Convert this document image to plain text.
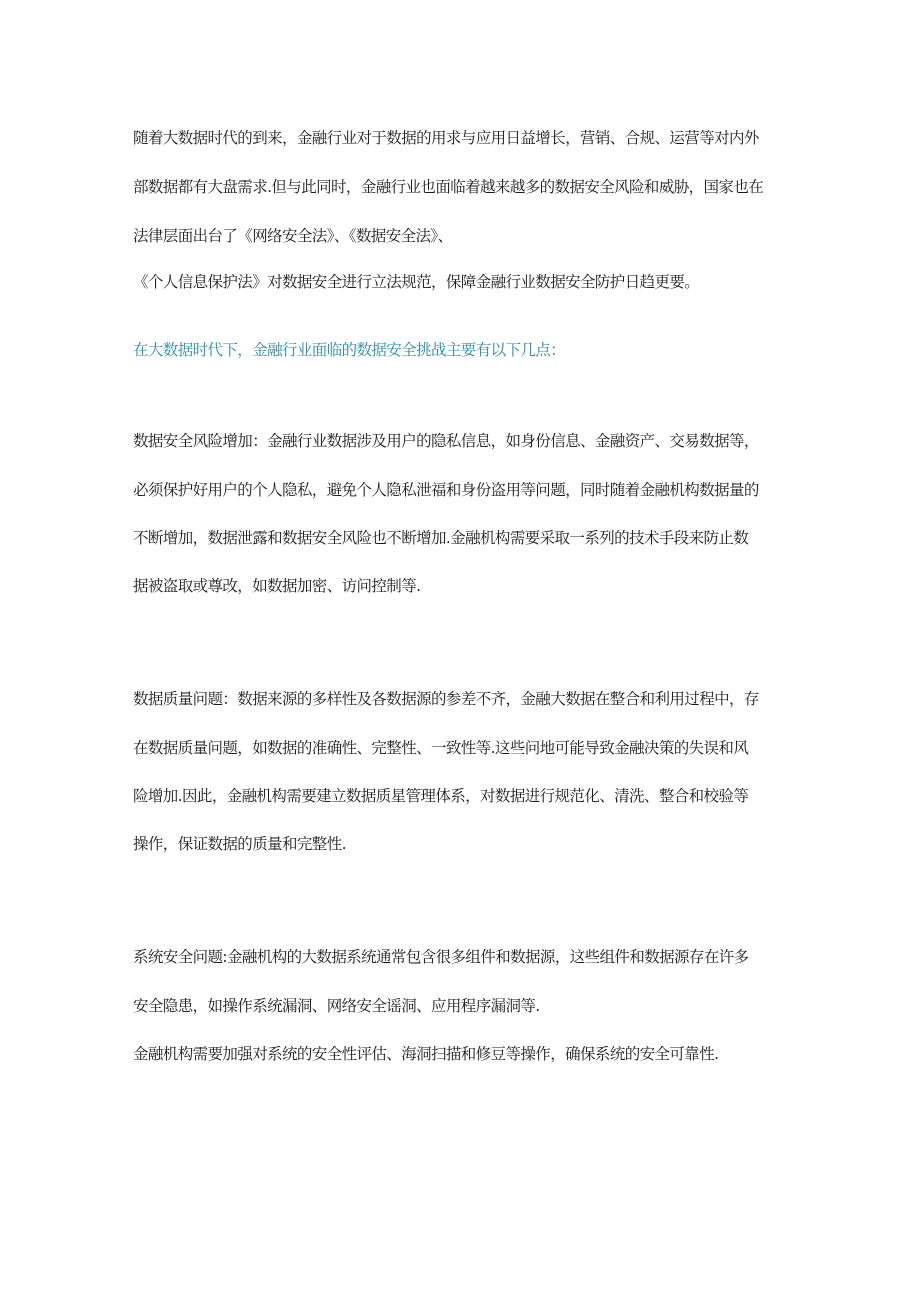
随着大数据时代的到来，金融行业对于数据的用求与应用日益增长，营销、合规、运营等对内外
部数据都有大盘需求.但与此同时，金融行业也面临着越来越多的数据安全风险和威胁，国家也在
法律层面出台了《网络安全法》、《数据安全法》、
《个人信息保护法》对数据安全进行立法规范，保障金融行业数据安全防护日趋更要。
在大数据时代下，金融行业面临的数据安全挑战主要有以下几点：
数据安全风险增加：金融行业数据涉及用户的隐私信息，如身份信息、金融资产、交易数据等，
必须保护好用户的个人隐私，避免个人隐私泄福和身份盗用等问题，同时随着金融机构数据量的
不断增加，数据泄露和数据安全风险也不断增加.金融机构需要采取一系列的技术手段来防止数
据被盗取或尊改，如数据加密、访问控制等.
数据质量问题：数据来源的多样性及各数据源的参差不齐，金融大数据在整合和利用过程中，存
在数据质量问题，如数据的准确性、完整性、一致性等.这些问地可能导致金融决策的失误和风
险增加.因此，金融机构需要建立数据质星管理体系，对数据进行规范化、清洗、整合和校验等
操作，保证数据的质量和完整性.
系统安全问题:金融机构的大数据系统通常包含很多组件和数据源，这些组件和数据源存在许多
安全隐患，如操作系统漏洞、网络安全谣洞、应用程序漏洞等.
金融机构需要加强对系统的安全性评估、海洞扫描和修豆等操作，确保系统的安全可靠性.
